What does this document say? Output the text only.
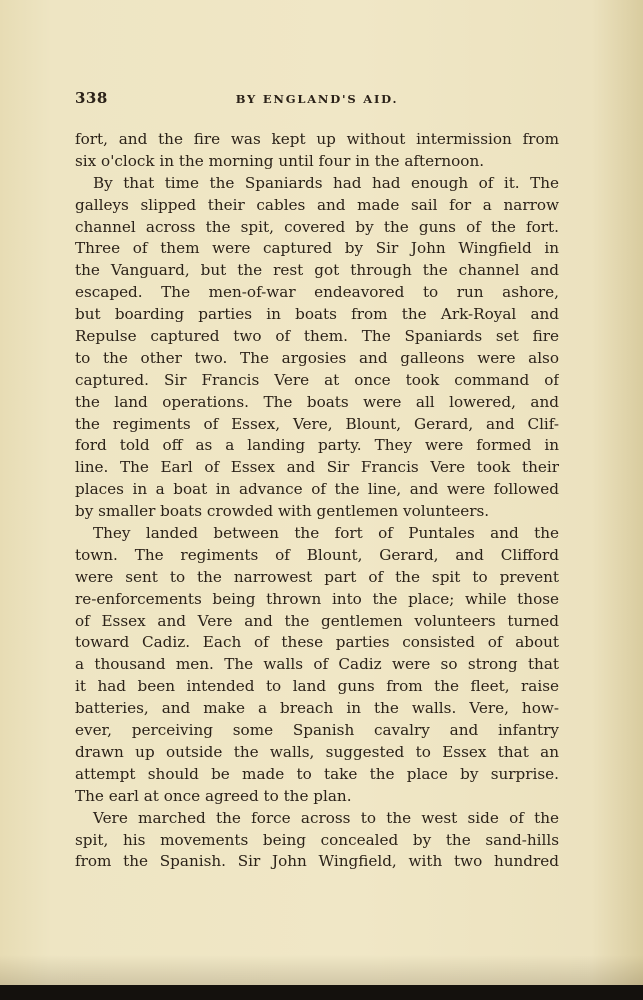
338	BY ENGLAND'S AID.
fort, and the fire was kept up without intermission from
six o'clock in the morning until four in the afternoon.
By that time the Spaniards had had enough of it. The
galleys slipped their cables and made sail for a narrow
channel across the spit, covered by the guns of the fort.
Three of them were captured by Sir John Wingfield in
the Vanguard, but the rest got through the channel and
escaped. The men-of-war endeavored to run ashore,
but boarding parties in boats from the Ark-Royal and
Repulse captured two of them. The Spaniards set fire
to the other two. The argosies and galleons were also
captured. Sir Francis Vere at once took command of
the land operations. The boats were all lowered, and
the regiments of Essex, Vere, Blount, Gerard, and Clif-
ford told off as a landing party. They were formed in
line. The Earl of Essex and Sir Francis Vere took their
places in a boat in advance of the line, and were followed
by smaller boats crowded with gentlemen volunteers.
They landed between the fort of Puntales and the
town. The regiments of Blount, Gerard, and Clifford
were sent to the narrowest part of the spit to prevent
re-enforcements being thrown into the place; while those
of Essex and Vere and the gentlemen volunteers turned
toward Cadiz. Each of these parties consisted of about
a thousand men. The walls of Cadiz were so strong that
it had been intended to land guns from the fleet, raise
batteries, and make a breach in the walls. Vere, how-
ever, perceiving some Spanish cavalry and infantry
drawn up outside the walls, suggested to Essex that an
attempt should be made to take the place by surprise.
The earl at once agreed to the plan.
Vere marched the force across to the west side of the
spit, his movements being concealed by the sand-hills
from the Spanish. Sir John Wingfield, with two hundred
